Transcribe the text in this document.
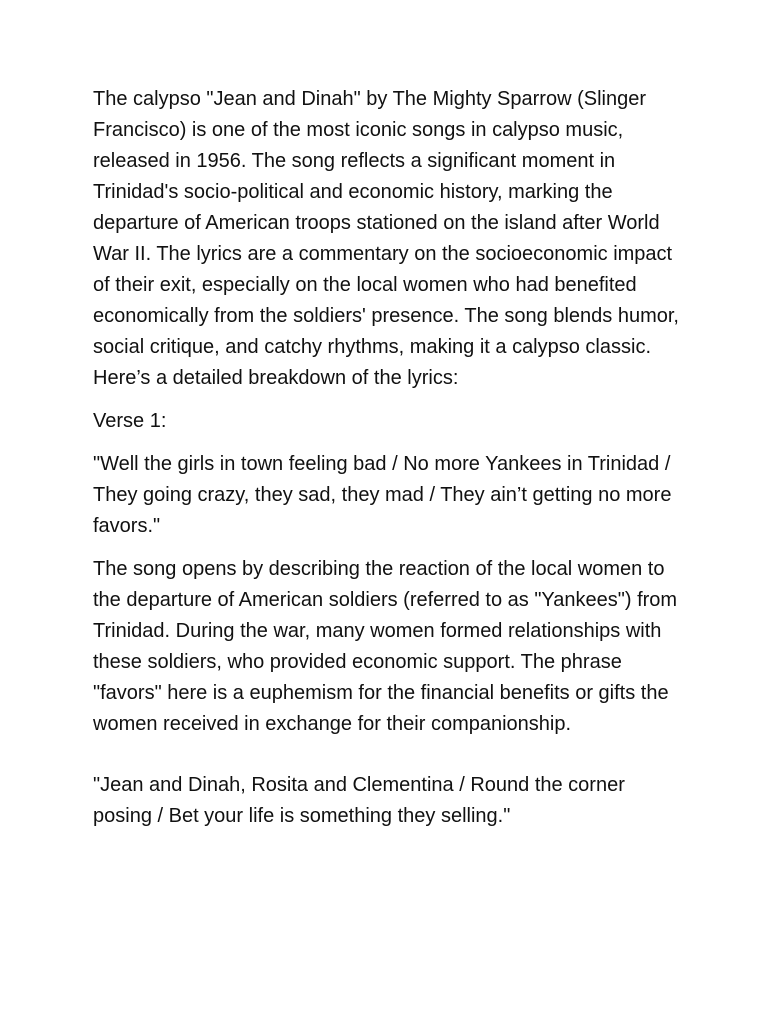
The calypso "Jean and Dinah" by The Mighty Sparrow (Slinger Francisco) is one of the most iconic songs in calypso music, released in 1956. The song reflects a significant moment in Trinidad's socio-political and economic history, marking the departure of American troops stationed on the island after World War II. The lyrics are a commentary on the socioeconomic impact of their exit, especially on the local women who had benefited economically from the soldiers' presence. The song blends humor, social critique, and catchy rhythms, making it a calypso classic. Here’s a detailed breakdown of the lyrics:

Verse 1:

"Well the girls in town feeling bad / No more Yankees in Trinidad / They going crazy, they sad, they mad / They ain’t getting no more favors."

The song opens by describing the reaction of the local women to the departure of American soldiers (referred to as "Yankees") from Trinidad. During the war, many women formed relationships with these soldiers, who provided economic support. The phrase "favors" here is a euphemism for the financial benefits or gifts the women received in exchange for their companionship.

"Jean and Dinah, Rosita and Clementina / Round the corner posing / Bet your life is something they selling."
